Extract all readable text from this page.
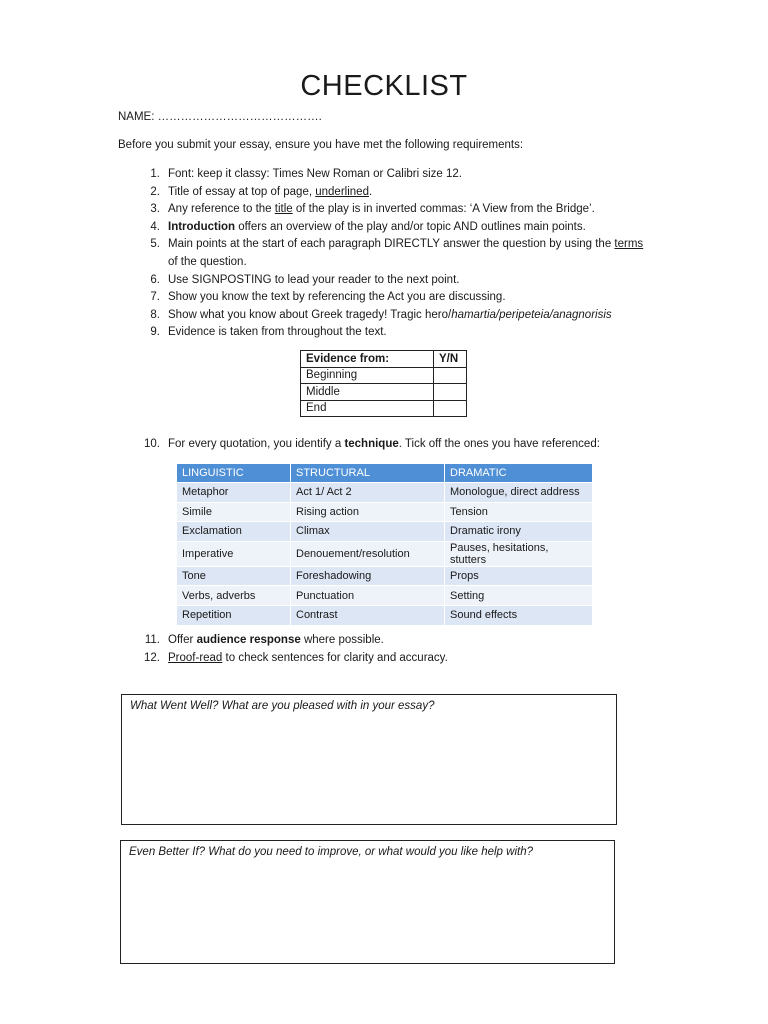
CHECKLIST
NAME: …………………………………….
Before you submit your essay, ensure you have met the following requirements:
1. Font: keep it classy: Times New Roman or Calibri size 12.
2. Title of essay at top of page, underlined.
3. Any reference to the title of the play is in inverted commas: ‘A View from the Bridge’.
4. Introduction offers an overview of the play and/or topic AND outlines main points.
5. Main points at the start of each paragraph DIRECTLY answer the question by using the terms of the question.
6. Use SIGNPOSTING to lead your reader to the next point.
7. Show you know the text by referencing the Act you are discussing.
8. Show what you know about Greek tragedy! Tragic hero/hamartia/peripeteia/anagnorisis
9. Evidence is taken from throughout the text.
Evidence from:	Y/N
Beginning	
Middle	
End	
10. For every quotation, you identify a technique. Tick off the ones you have referenced:
LINGUISTIC	STRUCTURAL	DRAMATIC
Metaphor	Act 1/ Act 2	Monologue, direct address
Simile	Rising action	Tension
Exclamation	Climax	Dramatic irony
Imperative	Denouement/resolution	Pauses, hesitations, stutters
Tone	Foreshadowing	Props
Verbs, adverbs	Punctuation	Setting
Repetition	Contrast	Sound effects
11. Offer audience response where possible.
12. Proof-read to check sentences for clarity and accuracy.
What Went Well? What are you pleased with in your essay?
Even Better If? What do you need to improve, or what would you like help with?
